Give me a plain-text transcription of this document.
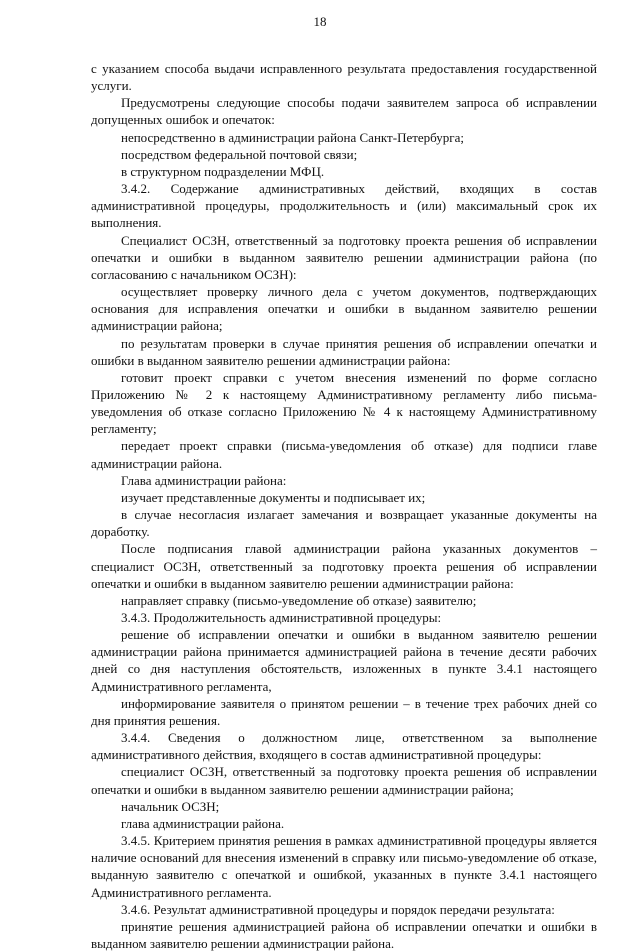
18

с указанием способа выдачи исправленного результата предоставления государственной услуги.

Предусмотрены следующие способы подачи заявителем запроса об исправлении допущенных ошибок и опечаток:

непосредственно в администрации района Санкт-Петербурга;

посредством федеральной почтовой связи;

в структурном подразделении МФЦ.

3.4.2. Содержание административных действий, входящих в состав административной процедуры, продолжительность и (или) максимальный срок их выполнения.

Специалист ОСЗН, ответственный за подготовку проекта решения об исправлении опечатки и ошибки в выданном заявителю решении администрации района (по согласованию с начальником ОСЗН):

осуществляет проверку личного дела с учетом документов, подтверждающих основания для исправления опечатки и ошибки в выданном заявителю решении администрации района;

по результатам проверки в случае принятия решения об исправлении опечатки и ошибки в выданном заявителю решении администрации района:

готовит проект справки с учетом внесения изменений по форме согласно Приложению № 2 к настоящему Административному регламенту либо письма-уведомления об отказе согласно Приложению № 4 к настоящему Административному регламенту;

передает проект справки (письма-уведомления об отказе) для подписи главе администрации района.

Глава администрации района:

изучает представленные документы и подписывает их;

в случае несогласия излагает замечания и возвращает указанные документы на доработку.

После подписания главой администрации района указанных документов – специалист ОСЗН, ответственный за подготовку проекта решения об исправлении опечатки и ошибки в выданном заявителю решении администрации района:

направляет справку (письмо-уведомление об отказе) заявителю;

3.4.3. Продолжительность административной процедуры:

решение об исправлении опечатки и ошибки в выданном заявителю решении администрации района принимается администрацией района в течение десяти рабочих дней со дня наступления обстоятельств, изложенных в пункте 3.4.1 настоящего Административного регламента,

информирование заявителя о принятом решении – в течение трех рабочих дней со дня принятия решения.

3.4.4. Сведения о должностном лице, ответственном за выполнение административного действия, входящего в состав административной процедуры:

специалист ОСЗН, ответственный за подготовку проекта решения об исправлении опечатки и ошибки в выданном заявителю решении администрации района;

начальник ОСЗН;

глава администрации района.

3.4.5. Критерием принятия решения в рамках административной процедуры является наличие оснований для внесения изменений в справку или письмо-уведомление об отказе, выданную заявителю с опечаткой и ошибкой, указанных в пункте 3.4.1 настоящего Административного регламента.

3.4.6. Результат административной процедуры и порядок передачи результата:

принятие решения администрацией района об исправлении опечатки и ошибки в выданном заявителю решении администрации района.
